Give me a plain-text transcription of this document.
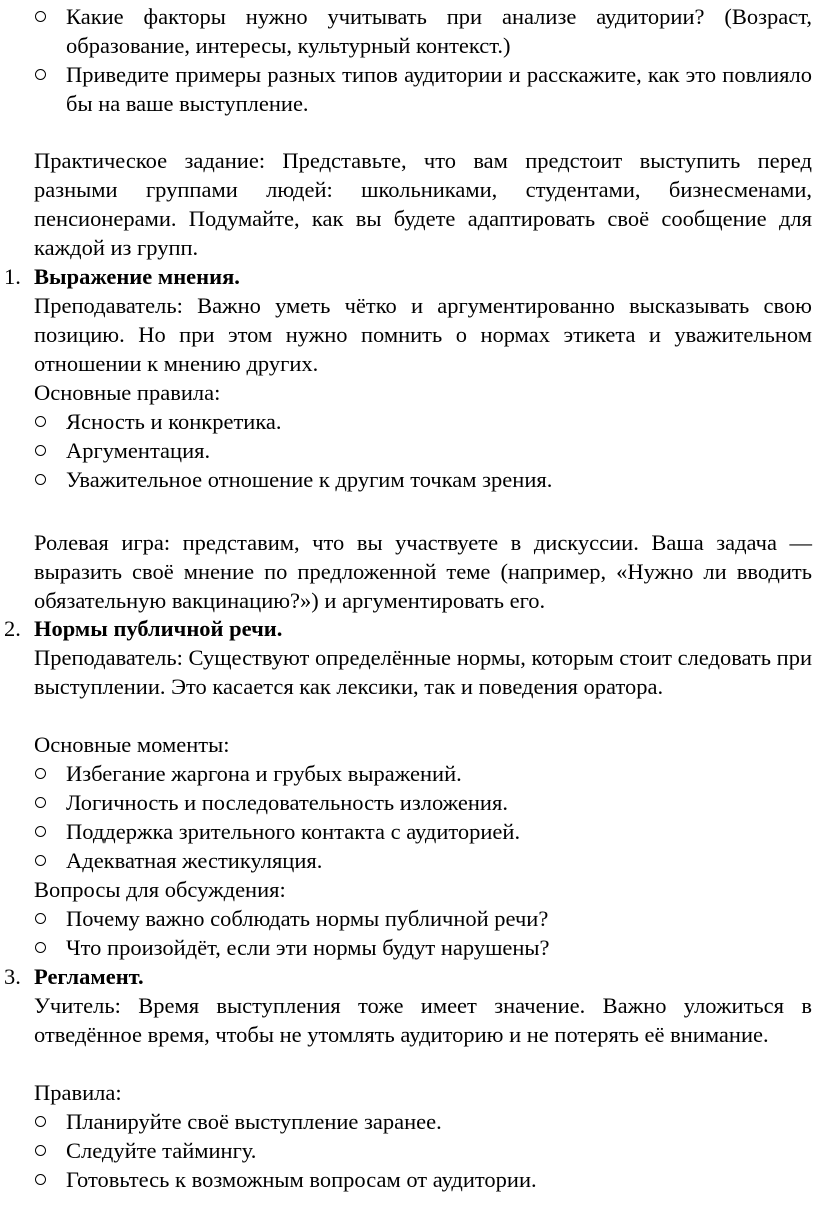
Какие факторы нужно учитывать при анализе аудитории? (Возраст, образование, интересы, культурный контекст.)
Приведите примеры разных типов аудитории и расскажите, как это повлияло бы на ваше выступление.
Практическое задание: Представьте, что вам предстоит выступить перед разными группами людей: школьниками, студентами, бизнесменами, пенсионерами. Подумайте, как вы будете адаптировать своё сообщение для каждой из групп.
1. Выражение мнения.
Преподаватель: Важно уметь чётко и аргументированно высказывать свою позицию. Но при этом нужно помнить о нормах этикета и уважительном отношении к мнению других.
Основные правила:
Ясность и конкретика.
Аргументация.
Уважительное отношение к другим точкам зрения.
Ролевая игра: представим, что вы участвуете в дискуссии. Ваша задача — выразить своё мнение по предложенной теме (например, «Нужно ли вводить обязательную вакцинацию?») и аргументировать его.
2. Нормы публичной речи.
Преподаватель: Существуют определённые нормы, которым стоит следовать при выступлении. Это касается как лексики, так и поведения оратора.
Основные моменты:
Избегание жаргона и грубых выражений.
Логичность и последовательность изложения.
Поддержка зрительного контакта с аудиторией.
Адекватная жестикуляция.
Вопросы для обсуждения:
Почему важно соблюдать нормы публичной речи?
Что произойдёт, если эти нормы будут нарушены?
3. Регламент.
Учитель: Время выступления тоже имеет значение. Важно уложиться в отведённое время, чтобы не утомлять аудиторию и не потерять её внимание.
Правила:
Планируйте своё выступление заранее.
Следуйте таймингу.
Готовьтесь к возможным вопросам от аудитории.
